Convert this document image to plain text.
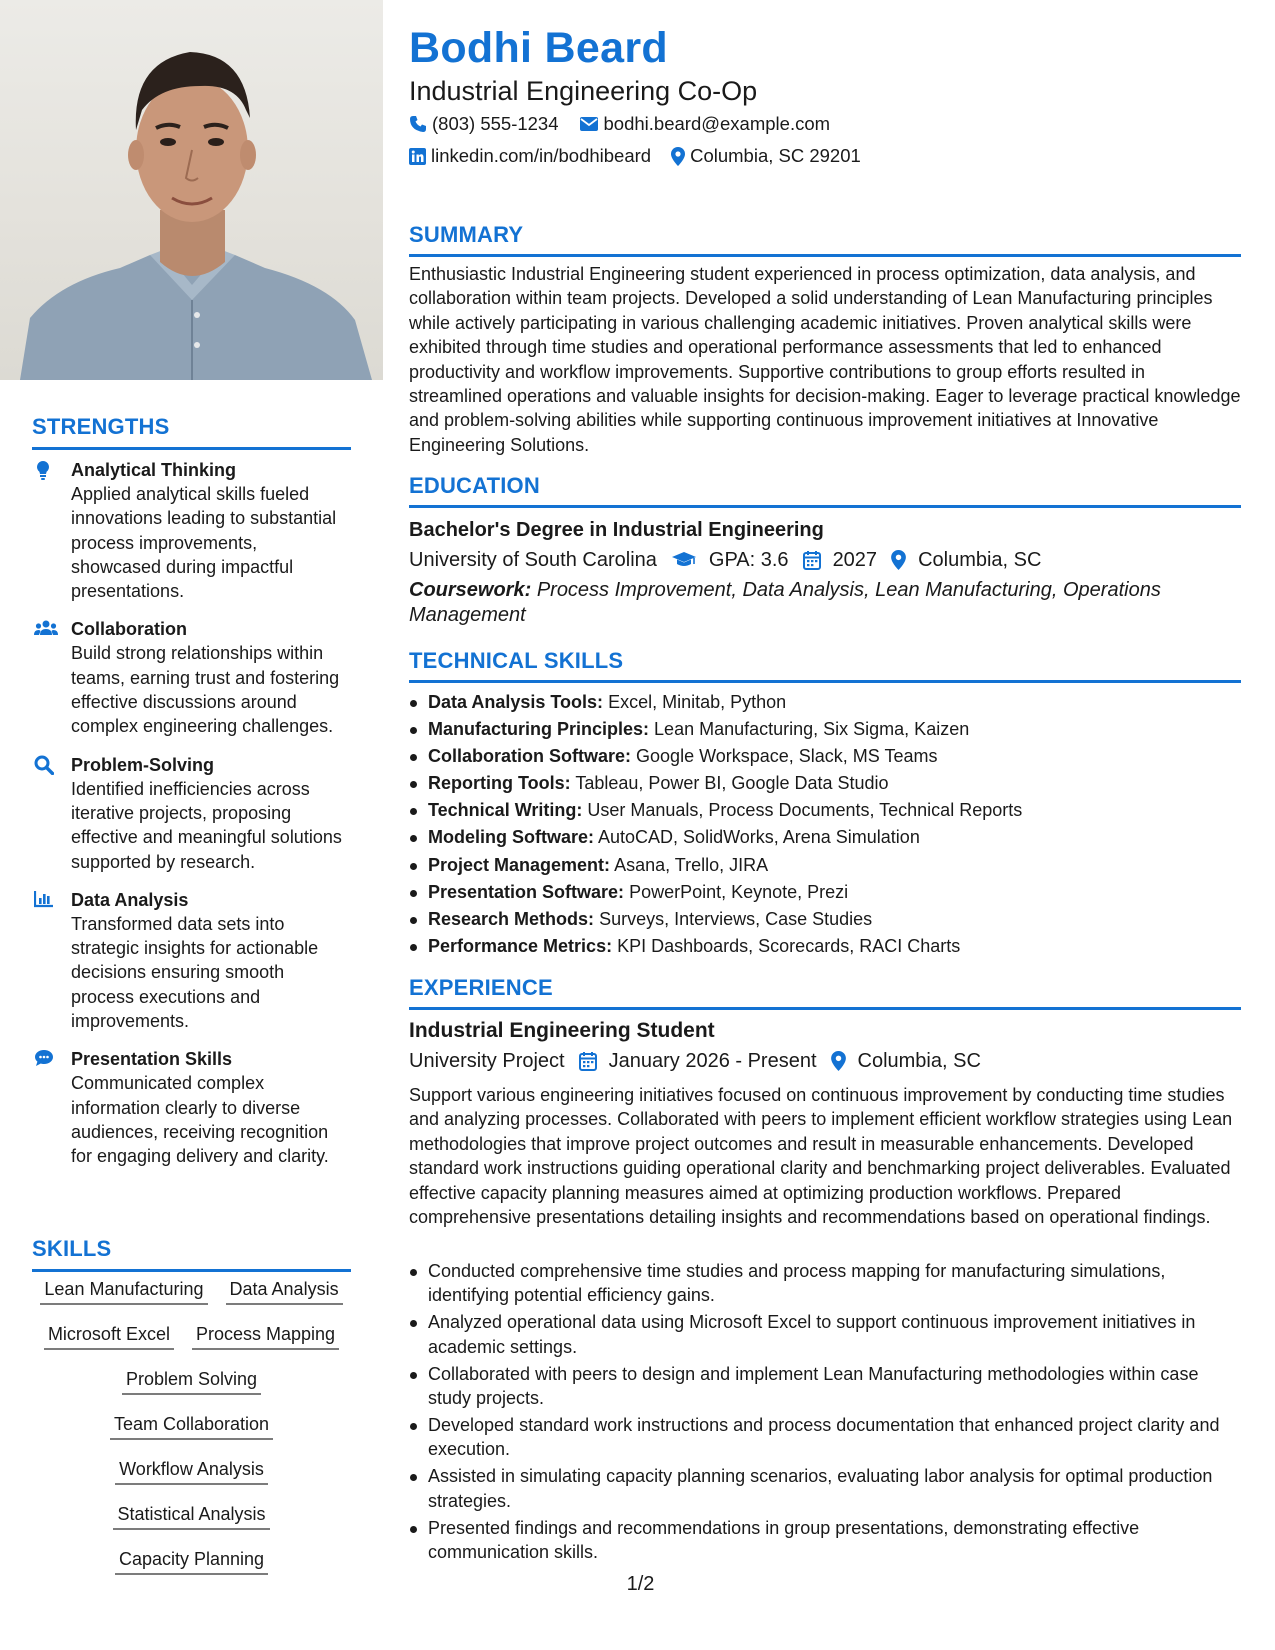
STRENGTHS
Analytical Thinking
Applied analytical skills fueled innovations leading to substantial process improvements, showcased during impactful presentations.
Collaboration
Build strong relationships within teams, earning trust and fostering effective discussions around complex engineering challenges.
Problem-Solving
Identified inefficiencies across iterative projects, proposing effective and meaningful solutions supported by research.
Data Analysis
Transformed data sets into strategic insights for actionable decisions ensuring smooth process executions and improvements.
Presentation Skills
Communicated complex information clearly to diverse audiences, receiving recognition for engaging delivery and clarity.
SKILLS
Lean Manufacturing Data Analysis
Microsoft Excel Process Mapping
Problem Solving
Team Collaboration
Workflow Analysis
Statistical Analysis
Capacity Planning
Bodhi Beard
Industrial Engineering Co-Op
(803) 555-1234 bodhi.beard@example.com
linkedin.com/in/bodhibeard Columbia, SC 29201
SUMMARY
Enthusiastic Industrial Engineering student experienced in process optimization, data analysis, and collaboration within team projects. Developed a solid understanding of Lean Manufacturing principles while actively participating in various challenging academic initiatives. Proven analytical skills were exhibited through time studies and operational performance assessments that led to enhanced productivity and workflow improvements. Supportive contributions to group efforts resulted in streamlined operations and valuable insights for decision-making. Eager to leverage practical knowledge and problem-solving abilities while supporting continuous improvement initiatives at Innovative Engineering Solutions.
EDUCATION
Bachelor's Degree in Industrial Engineering
University of South Carolina	GPA: 3.6 2027 Columbia, SC
Coursework: Process Improvement, Data Analysis, Lean Manufacturing, Operations Management
TECHNICAL SKILLS
Data Analysis Tools: Excel, Minitab, Python
Manufacturing Principles: Lean Manufacturing, Six Sigma, Kaizen
Collaboration Software: Google Workspace, Slack, MS Teams
Reporting Tools: Tableau, Power BI, Google Data Studio
Technical Writing: User Manuals, Process Documents, Technical Reports
Modeling Software: AutoCAD, SolidWorks, Arena Simulation
Project Management: Asana, Trello, JIRA
Presentation Software: PowerPoint, Keynote, Prezi
Research Methods: Surveys, Interviews, Case Studies
Performance Metrics: KPI Dashboards, Scorecards, RACI Charts
EXPERIENCE
Industrial Engineering Student
University Project January 2026 - Present Columbia, SC
Support various engineering initiatives focused on continuous improvement by conducting time studies and analyzing processes. Collaborated with peers to implement efficient workflow strategies using Lean methodologies that improve project outcomes and result in measurable enhancements. Developed standard work instructions guiding operational clarity and benchmarking project deliverables. Evaluated effective capacity planning measures aimed at optimizing production workflows. Prepared comprehensive presentations detailing insights and recommendations based on operational findings.
Conducted comprehensive time studies and process mapping for manufacturing simulations, identifying potential efficiency gains.
Analyzed operational data using Microsoft Excel to support continuous improvement initiatives in academic settings.
Collaborated with peers to design and implement Lean Manufacturing methodologies within case study projects.
Developed standard work instructions and process documentation that enhanced project clarity and execution.
Assisted in simulating capacity planning scenarios, evaluating labor analysis for optimal production strategies.
Presented findings and recommendations in group presentations, demonstrating effective communication skills.
1/2
